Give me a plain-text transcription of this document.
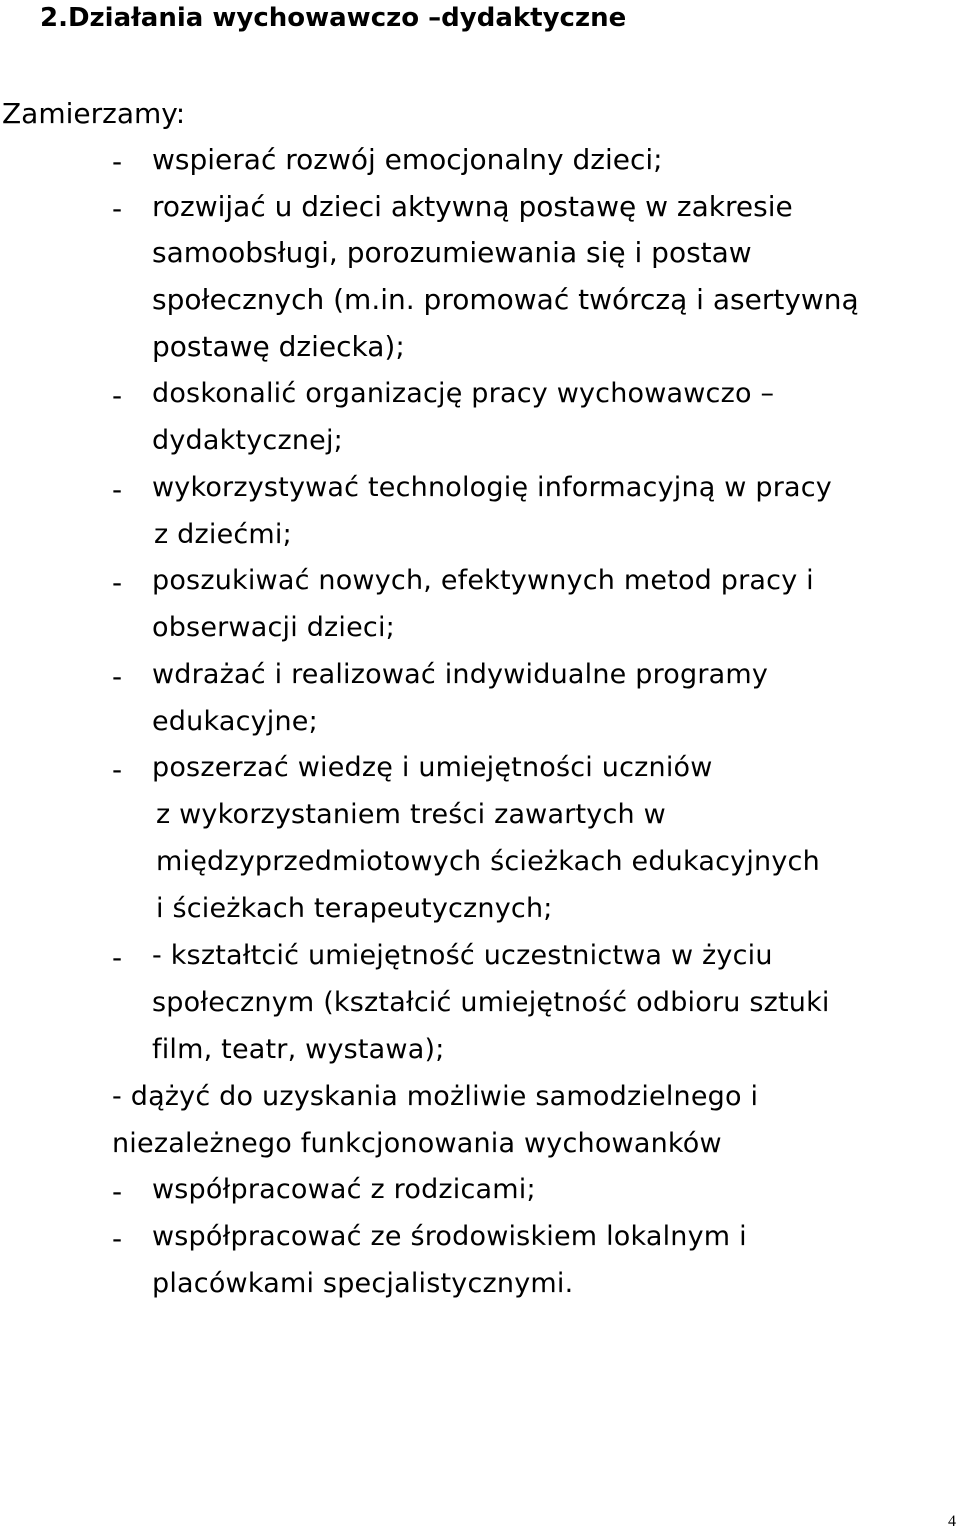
2.Działania wychowawczo –dydaktyczne
Zamierzamy:
- wspierać rozwój emocjonalny dzieci;
- rozwijać u dzieci aktywną postawę w zakresie
samoobsługi, porozumiewania się i postaw
społecznych (m.in. promować twórczą i asertywną
postawę dziecka);
- doskonalić organizację pracy wychowawczo –
dydaktycznej;
- wykorzystywać technologię informacyjną w pracy
z dziećmi;
- poszukiwać nowych, efektywnych metod pracy i
obserwacji dzieci;
- wdrażać i realizować indywidualne programy
edukacyjne;
- poszerzać wiedzę i umiejętności uczniów
z wykorzystaniem treści zawartych w
międzyprzedmiotowych ścieżkach edukacyjnych
i ścieżkach terapeutycznych;
- - kształtcić umiejętność uczestnictwa w życiu
społecznym (kształcić umiejętność odbioru sztuki
film, teatr, wystawa);
- dążyć do uzyskania możliwie samodzielnego i
niezależnego funkcjonowania wychowanków
- współpracować z rodzicami;
- współpracować ze środowiskiem lokalnym i
placówkami specjalistycznymi.
4
